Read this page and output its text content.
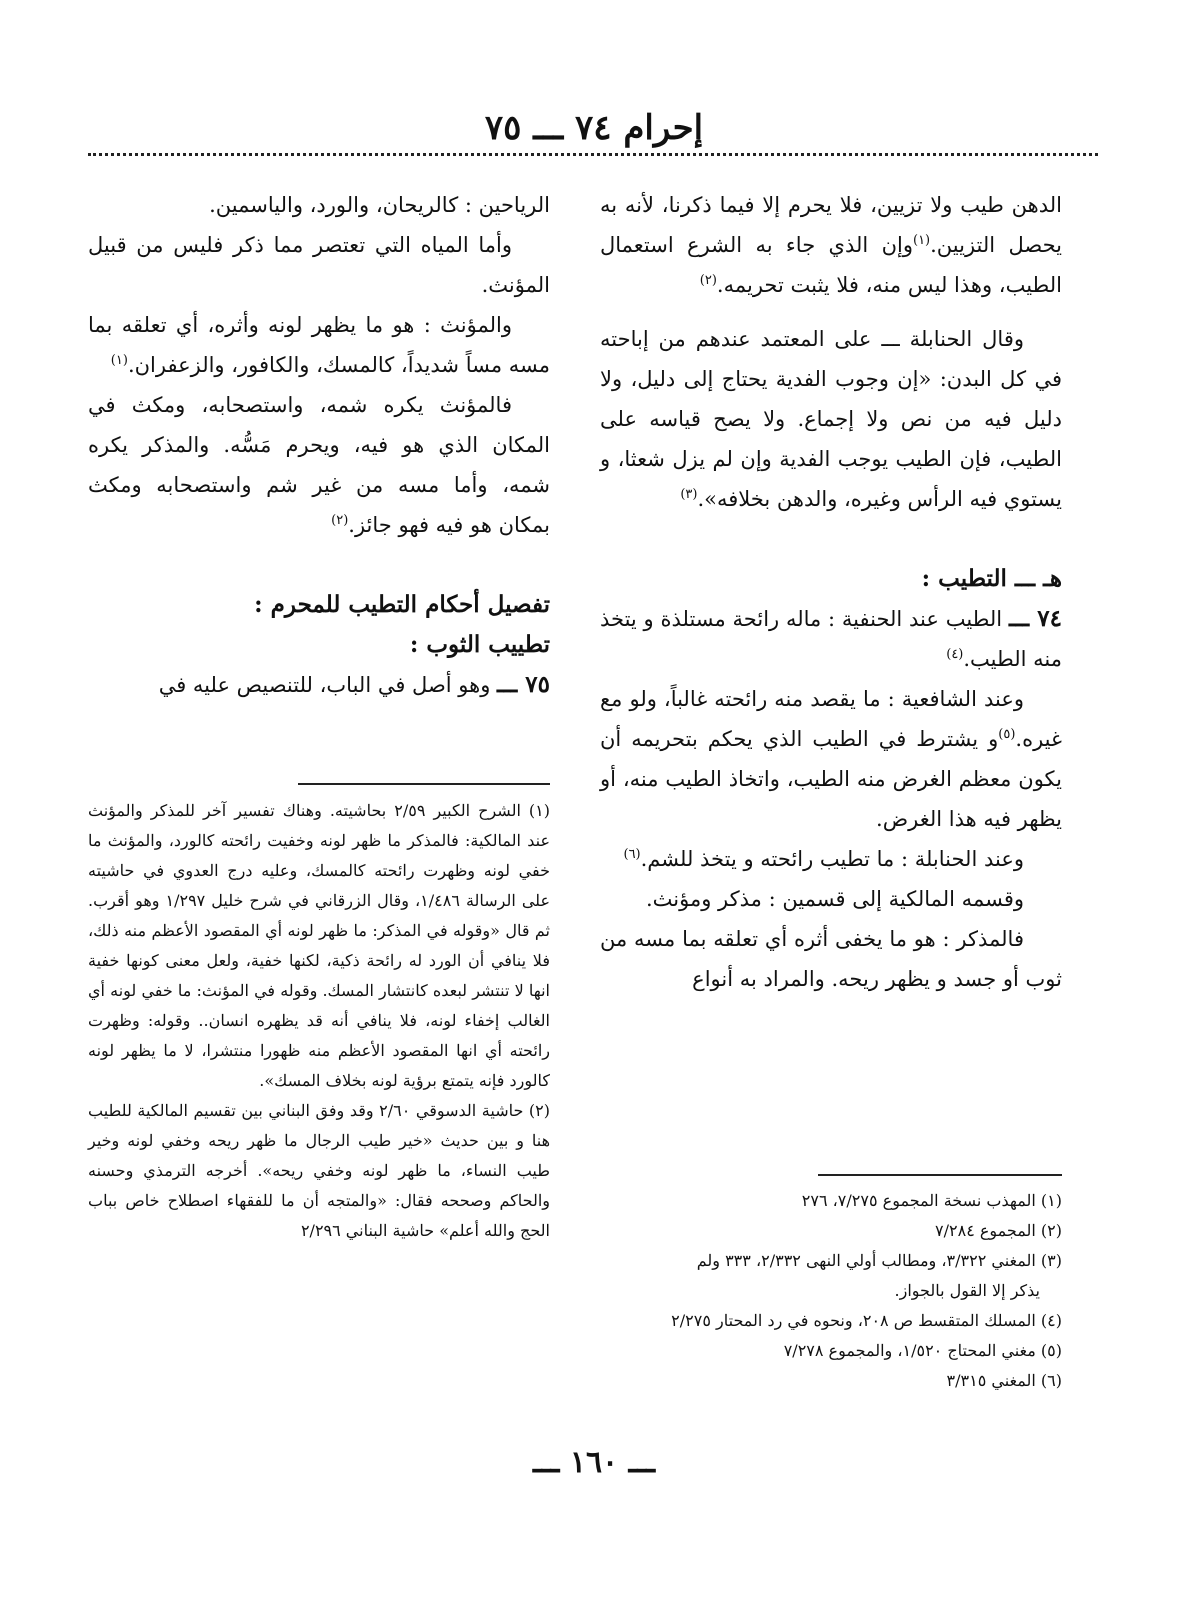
إحرام ٧٤ ـــ ٧٥

الدهن طيب ولا تزيين، فلا يحرم إلا فيما ذكرنا، لأنه به يحصل التزيين.$^{(١)}$وإن الذي جاء به الشرع استعمال الطيب، وهذا ليس منه، فلا يثبت تحريمه.$^{(٢)}$

وقال الحنابلة ـــ على المعتمد عندهم من إباحته في كل البدن: «إن وجوب الفدية يحتاج إلى دليل، ولا دليل فيه من نص ولا إجماع. ولا يصح قياسه على الطيب، فإن الطيب يوجب الفدية وإن لم يزل شعثا، و يستوي فيه الرأس وغيره، والدهن بخلافه».$^{(٣)}$

هـ ـــ التطيب :

٧٤ ـــ الطيب عند الحنفية : ماله رائحة مستلذة و يتخذ منه الطيب.$^{(٤)}$

وعند الشافعية : ما يقصد منه رائحته غالباً، ولو مع غيره.$^{(٥)}$و يشترط في الطيب الذي يحكم بتحريمه أن يكون معظم الغرض منه الطيب، واتخاذ الطيب منه، أو يظهر فيه هذا الغرض.

وعند الحنابلة : ما تطيب رائحته و يتخذ للشم.$^{(٦)}$

وقسمه المالكية إلى قسمين : مذكر ومؤنث.

فالمذكر : هو ما يخفى أثره أي تعلقه بما مسه من ثوب أو جسد و يظهر ريحه. والمراد به أنواع

الرياحين : كالريحان، والورد، والياسمين.

وأما المياه التي تعتصر مما ذكر فليس من قبيل المؤنث.

والمؤنث : هو ما يظهر لونه وأثره، أي تعلقه بما مسه مساً شديداً، كالمسك، والكافور، والزعفران.$^{(١)}$

فالمؤنث يكره شمه، واستصحابه، ومكث في المكان الذي هو فيه، ويحرم مَسُّه. والمذكر يكره شمه، وأما مسه من غير شم واستصحابه ومكث بمكان هو فيه فهو جائز.$^{(٢)}$

تفصيل أحكام التطيب للمحرم :
تطييب الثوب :

٧٥ ـــ وهو أصل في الباب، للتنصيص عليه في

(١) الشرح الكبير ٢/٥٩ بحاشيته. وهناك تفسير آخر للمذكر والمؤنث عند المالكية: فالمذكر ما ظهر لونه وخفيت رائحته كالورد، والمؤنث ما خفي لونه وظهرت رائحته كالمسك، وعليه درج العدوي في حاشيته على الرسالة ١/٤٨٦، وقال الزرقاني في شرح خليل ١/٢٩٧ وهو أقرب. ثم قال «وقوله في المذكر: ما ظهر لونه أي المقصود الأعظم منه ذلك، فلا ينافي أن الورد له رائحة ذكية، لكنها خفية، ولعل معنى كونها خفية انها لا تنتشر لبعده كانتشار المسك. وقوله في المؤنث: ما خفي لونه أي الغالب إخفاء لونه، فلا ينافي أنه قد يظهره انسان.. وقوله: وظهرت رائحته أي انها المقصود الأعظم منه ظهورا منتشرا، لا ما يظهر لونه كالورد فإنه يتمتع برؤية لونه بخلاف المسك».
(٢) حاشية الدسوقي ٢/٦٠ وقد وفق البناني بين تقسيم المالكية للطيب هنا و بين حديث «خير طيب الرجال ما ظهر ريحه وخفي لونه وخير طيب النساء، ما ظهر لونه وخفي ريحه». أخرجه الترمذي وحسنه والحاكم وصححه فقال: «والمتجه أن ما للفقهاء اصطلاح خاص بباب الحج والله أعلم» حاشية البناني ٢/٢٩٦
(١) المهذب نسخة المجموع ٧/٢٧٥، ٢٧٦
(٢) المجموع ٧/٢٨٤
(٣) المغني ٣/٣٢٢، ومطالب أولي النهى ٢/٣٣٢، ٣٣٣ ولم
يذكر إلا القول بالجواز.
(٤) المسلك المتقسط ص ٢٠٨، ونحوه في رد المحتار ٢/٢٧٥
(٥) مغني المحتاج ١/٥٢٠، والمجموع ٧/٢٧٨
(٦) المغني ٣/٣١٥
ـــ ١٦٠ ـــ
